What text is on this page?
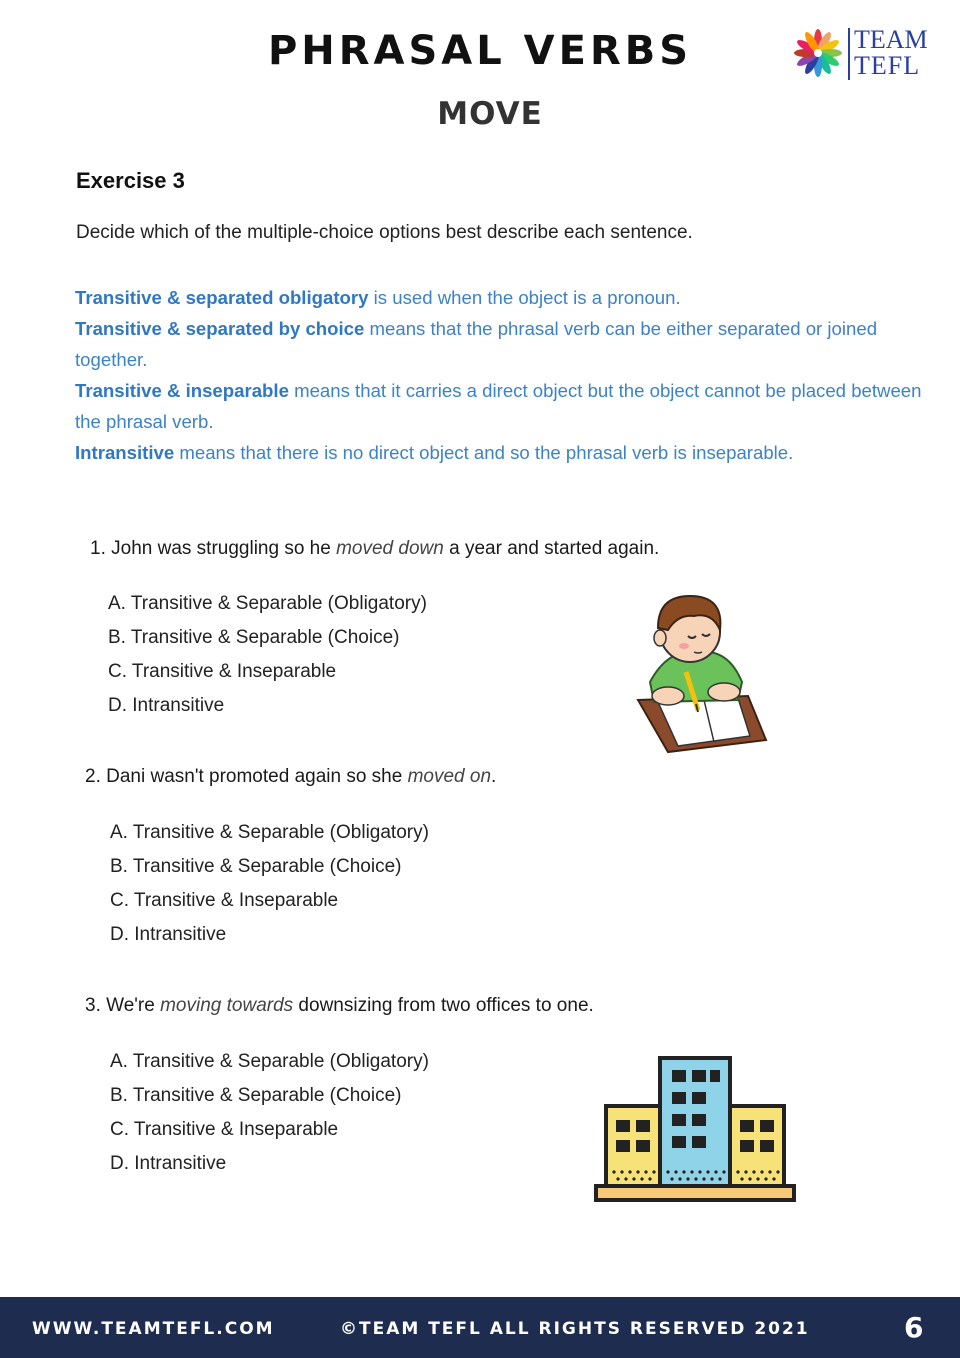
PHRASAL VERBS
MOVE
TEAM
TEFL
Exercise 3
Decide which of the multiple-choice options best describe each sentence.

Transitive & separated obligatory is used when the object is a pronoun.

Transitive & separated by choice means that the phrasal verb can be either separated or joined together.

Transitive & inseparable means that it carries a direct object but the object cannot be placed between the phrasal verb.

Intransitive means that there is no direct object and so the phrasal verb is inseparable.

1. John was struggling so he moved down a year and started again.
A. Transitive & Separable (Obligatory)
B. Transitive & Separable (Choice)
C. Transitive & Inseparable
D. Intransitive
2. Dani wasn't promoted again so she moved on.
A. Transitive & Separable (Obligatory)
B. Transitive & Separable (Choice)
C. Transitive & Inseparable
D. Intransitive
3. We're moving towards downsizing from two offices to one.
A. Transitive & Separable (Obligatory)
B. Transitive & Separable (Choice)
C. Transitive & Inseparable
D. Intransitive
WWW.TEAMTEFL.COM	©TEAM TEFL ALL RIGHTS RESERVED 2021	6
